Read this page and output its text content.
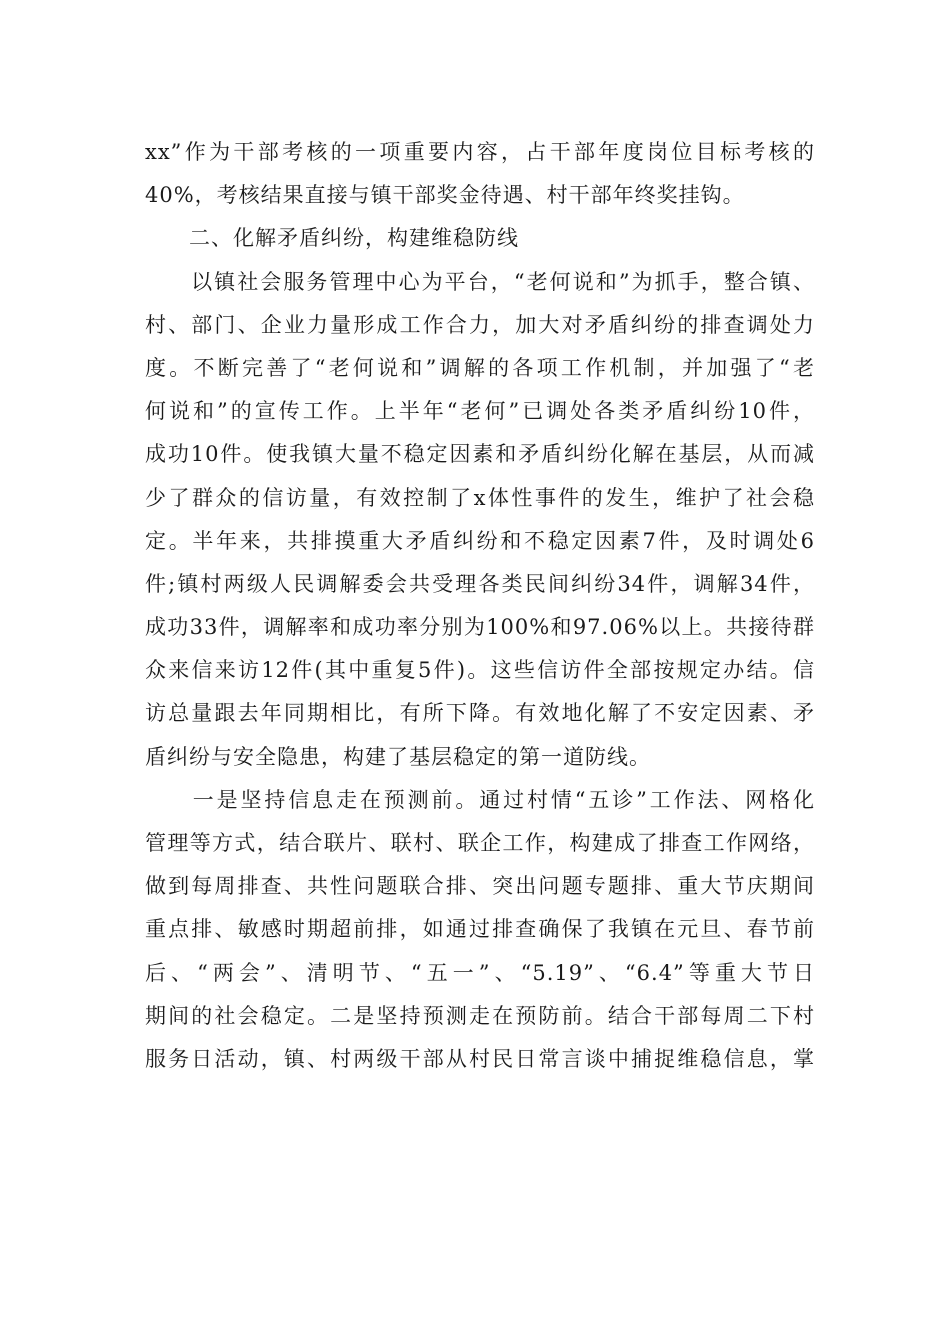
xx”作为干部考核的一项重要内容，占干部年度岗位目标考核的
40%，考核结果直接与镇干部奖金待遇、村干部年终奖挂钩。
　　二、化解矛盾纠纷，构建维稳防线
　　以镇社会服务管理中心为平台，“老何说和”为抓手，整合镇、
村、部门、企业力量形成工作合力，加大对矛盾纠纷的排查调处力
度。不断完善了“老何说和”调解的各项工作机制，并加强了“老
何说和”的宣传工作。上半年“老何”已调处各类矛盾纠纷10件，
成功10件。使我镇大量不稳定因素和矛盾纠纷化解在基层，从而减
少了群众的信访量，有效控制了x体性事件的发生，维护了社会稳
定。半年来，共排摸重大矛盾纠纷和不稳定因素7件，及时调处6
件;镇村两级人民调解委会共受理各类民间纠纷34件，调解34件，
成功33件，调解率和成功率分别为100%和97.06%以上。共接待群
众来信来访12件(其中重复5件)。这些信访件全部按规定办结。信
访总量跟去年同期相比，有所下降。有效地化解了不安定因素、矛
盾纠纷与安全隐患，构建了基层稳定的第一道防线。
　　一是坚持信息走在预测前。通过村情“五诊”工作法、网格化
管理等方式，结合联片、联村、联企工作，构建成了排查工作网络，
做到每周排查、共性问题联合排、突出问题专题排、重大节庆期间
重点排、敏感时期超前排，如通过排查确保了我镇在元旦、春节前
后、“两会”、清明节、“五一”、“5.19”、“6.4”等重大节日
期间的社会稳定。二是坚持预测走在预防前。结合干部每周二下村
服务日活动，镇、村两级干部从村民日常言谈中捕捉维稳信息，掌
